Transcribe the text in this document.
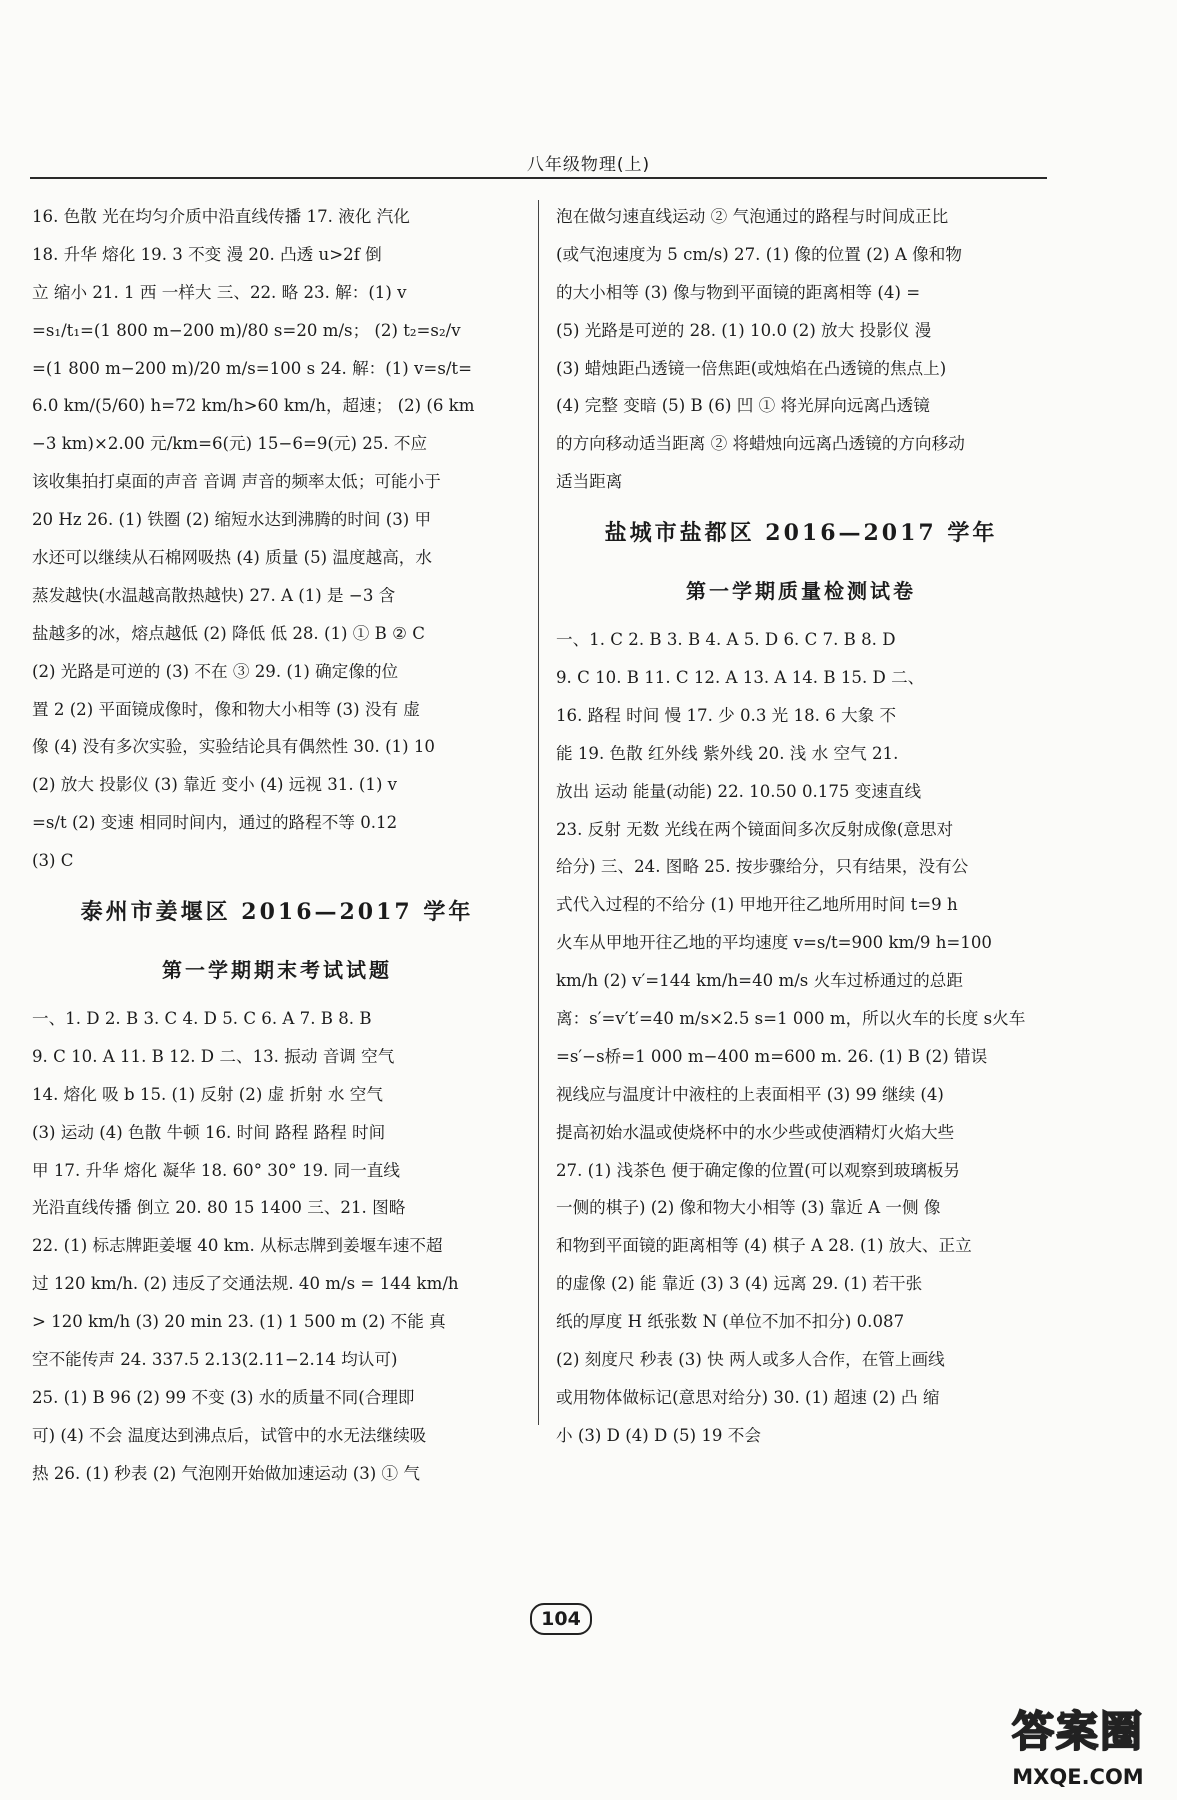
八年级物理(上)
16. 色散 光在均匀介质中沿直线传播 17. 液化 汽化
18. 升华 熔化 19. 3 不变 漫 20. 凸透 u>2f 倒
立 缩小 21. 1 西 一样大 三、22. 略 23. 解：(1) v
=s₁/t₁=(1 800 m−200 m)/80 s=20 m/s； (2) t₂=s₂/v
=(1 800 m−200 m)/20 m/s=100 s 24. 解：(1) v=s/t=
6.0 km/(5/60) h=72 km/h>60 km/h，超速； (2) (6 km
−3 km)×2.00 元/km=6(元) 15−6=9(元) 25. 不应
该收集拍打桌面的声音 音调 声音的频率太低；可能小于
20 Hz 26. (1) 铁圈 (2) 缩短水达到沸腾的时间 (3) 甲
水还可以继续从石棉网吸热 (4) 质量 (5) 温度越高，水
蒸发越快(水温越高散热越快) 27. A (1) 是 −3 含
盐越多的冰，熔点越低 (2) 降低 低 28. (1) ① B ② C
(2) 光路是可逆的 (3) 不在 ③ 29. (1) 确定像的位
置 2 (2) 平面镜成像时，像和物大小相等 (3) 没有 虚
像 (4) 没有多次实验，实验结论具有偶然性 30. (1) 10
(2) 放大 投影仪 (3) 靠近 变小 (4) 远视 31. (1) v
=s/t (2) 变速 相同时间内，通过的路程不等 0.12
(3) C
泰州市姜堰区 2016—2017 学年
第一学期期末考试试题
一、1. D 2. B 3. C 4. D 5. C 6. A 7. B 8. B
9. C 10. A 11. B 12. D 二、13. 振动 音调 空气
14. 熔化 吸 b 15. (1) 反射 (2) 虚 折射 水 空气
(3) 运动 (4) 色散 牛顿 16. 时间 路程 路程 时间
甲 17. 升华 熔化 凝华 18. 60° 30° 19. 同一直线
光沿直线传播 倒立 20. 80 15 1400 三、21. 图略
22. (1) 标志牌距姜堰 40 km. 从标志牌到姜堰车速不超
过 120 km/h. (2) 违反了交通法规. 40 m/s = 144 km/h
> 120 km/h (3) 20 min 23. (1) 1 500 m (2) 不能 真
空不能传声 24. 337.5 2.13(2.11−2.14 均认可)
25. (1) B 96 (2) 99 不变 (3) 水的质量不同(合理即
可) (4) 不会 温度达到沸点后，试管中的水无法继续吸
热 26. (1) 秒表 (2) 气泡刚开始做加速运动 (3) ① 气
泡在做匀速直线运动 ② 气泡通过的路程与时间成正比
(或气泡速度为 5 cm/s) 27. (1) 像的位置 (2) A 像和物
的大小相等 (3) 像与物到平面镜的距离相等 (4) =
(5) 光路是可逆的 28. (1) 10.0 (2) 放大 投影仪 漫
(3) 蜡烛距凸透镜一倍焦距(或烛焰在凸透镜的焦点上)
(4) 完整 变暗 (5) B (6) 凹 ① 将光屏向远离凸透镜
的方向移动适当距离 ② 将蜡烛向远离凸透镜的方向移动
适当距离
盐城市盐都区 2016—2017 学年
第一学期质量检测试卷
一、1. C 2. B 3. B 4. A 5. D 6. C 7. B 8. D
9. C 10. B 11. C 12. A 13. A 14. B 15. D 二、
16. 路程 时间 慢 17. 少 0.3 光 18. 6 大象 不
能 19. 色散 红外线 紫外线 20. 浅 水 空气 21.
放出 运动 能量(动能) 22. 10.50 0.175 变速直线
23. 反射 无数 光线在两个镜面间多次反射成像(意思对
给分) 三、24. 图略 25. 按步骤给分，只有结果，没有公
式代入过程的不给分 (1) 甲地开往乙地所用时间 t=9 h
火车从甲地开往乙地的平均速度 v=s/t=900 km/9 h=100
km/h (2) v′=144 km/h=40 m/s 火车过桥通过的总距
离：s′=v′t′=40 m/s×2.5 s=1 000 m，所以火车的长度 s火车
=s′−s桥=1 000 m−400 m=600 m. 26. (1) B (2) 错误
视线应与温度计中液柱的上表面相平 (3) 99 继续 (4)
提高初始水温或使烧杯中的水少些或使酒精灯火焰大些
27. (1) 浅茶色 便于确定像的位置(可以观察到玻璃板另
一侧的棋子) (2) 像和物大小相等 (3) 靠近 A 一侧 像
和物到平面镜的距离相等 (4) 棋子 A 28. (1) 放大、正立
的虚像 (2) 能 靠近 (3) 3 (4) 远离 29. (1) 若干张
纸的厚度 H 纸张数 N (单位不加不扣分) 0.087
(2) 刻度尺 秒表 (3) 快 两人或多人合作，在管上画线
或用物体做标记(意思对给分) 30. (1) 超速 (2) 凸 缩
小 (3) D (4) D (5) 19 不会
104
答案圈
MXQE.COM
